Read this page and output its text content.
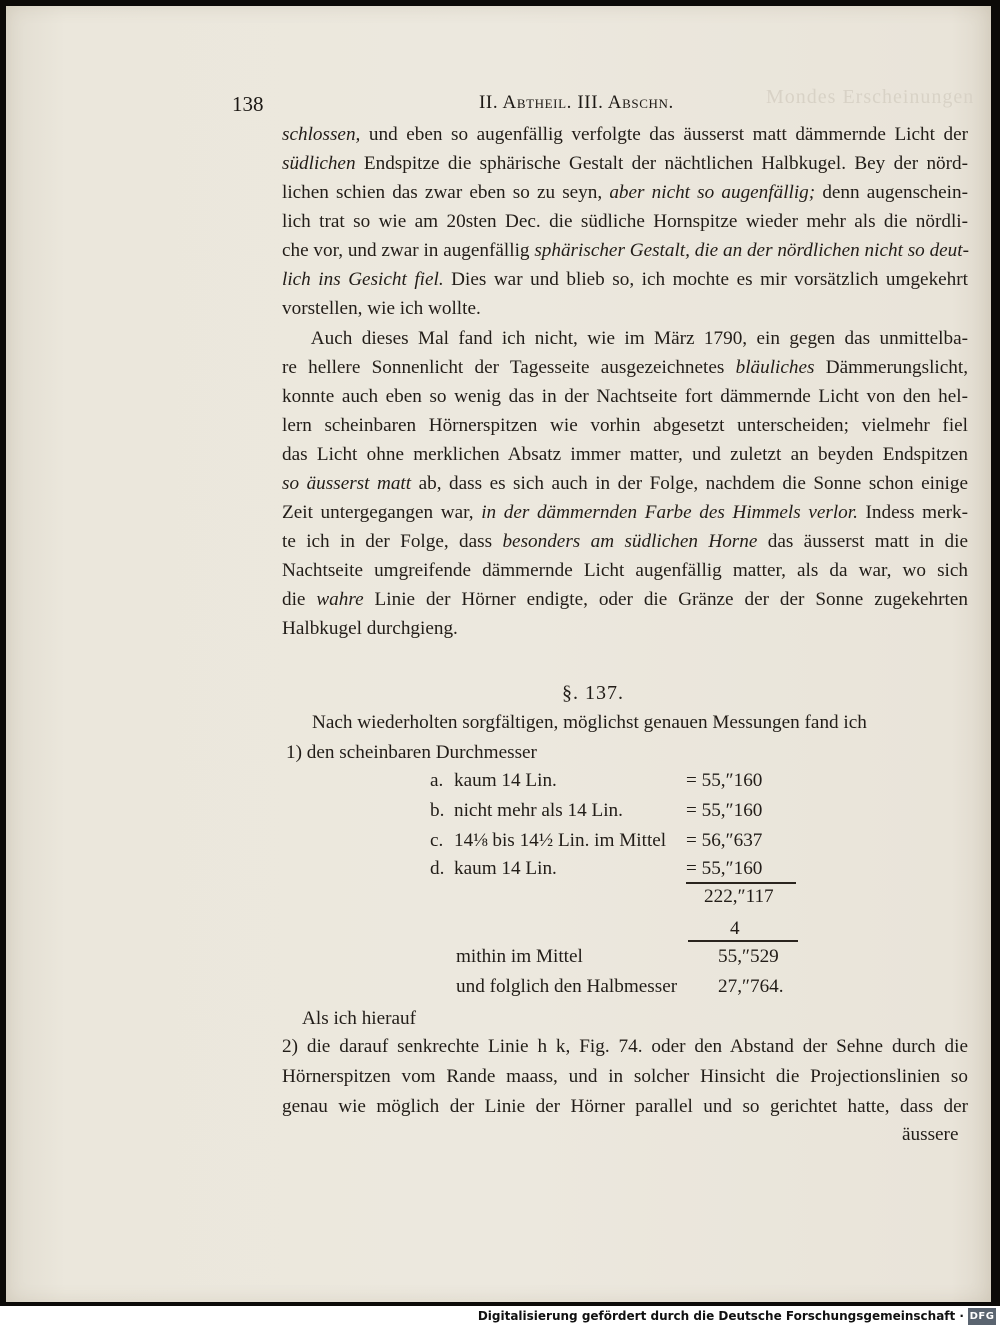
Mondes Erscheinungen
138	II. Abtheil. III. Abschn.
schlossen, und eben so augenfällig verfolgte das äusserst matt dämmernde Licht der
südlichen Endspitze die sphärische Gestalt der nächtlichen Halbkugel. Bey der nörd-
lichen schien das zwar eben so zu seyn, aber nicht so augenfällig; denn augenschein-
lich trat so wie am 20sten Dec. die südliche Hornspitze wieder mehr als die nördli-
che vor, und zwar in augenfällig sphärischer Gestalt, die an der nördlichen nicht so deut-
lich ins Gesicht fiel. Dies war und blieb so, ich mochte es mir vorsätzlich umgekehrt
vorstellen, wie ich wollte.
  Auch dieses Mal fand ich nicht, wie im März 1790, ein gegen das unmittelba-
re hellere Sonnenlicht der Tagesseite ausgezeichnetes bläuliches Dämmerungslicht,
konnte auch eben so wenig das in der Nachtseite fort dämmernde Licht von den hel-
lern scheinbaren Hörnerspitzen wie vorhin abgesetzt unterscheiden; vielmehr fiel
das Licht ohne merklichen Absatz immer matter, und zuletzt an beyden Endspitzen
so äusserst matt ab, dass es sich auch in der Folge, nachdem die Sonne schon einige
Zeit untergegangen war, in der dämmernden Farbe des Himmels verlor. Indess merk-
te ich in der Folge, dass besonders am südlichen Horne das äusserst matt in die
Nachtseite umgreifende dämmernde Licht augenfällig matter, als da war, wo sich
die wahre Linie der Hörner endigte, oder die Gränze der der Sonne zugekehrten
Halbkugel durchgieng.
§. 137.
Nach wiederholten sorgfältigen, möglichst genauen Messungen fand ich
1) den scheinbaren Durchmesser
a. kaum 14 Lin.	= 55,″160
b. nicht mehr als 14 Lin.	= 55,″160
c. 14⅛ bis 14½ Lin. im Mittel = 56,″637
d. kaum 14 Lin.	= 55,″160
222,″117
4
mithin im Mittel	55,″529
und folglich den Halbmesser 27,″764.
Als ich hierauf
2) die darauf senkrechte Linie h k, Fig. 74. oder den Abstand der Sehne durch die
Hörnerspitzen vom Rande maass, und in solcher Hinsicht die Projectionslinien so
genau wie möglich der Linie der Hörner parallel und so gerichtet hatte, dass der
äussere
Digitalisierung gefördert durch die Deutsche Forschungsgemeinschaft · DFG
